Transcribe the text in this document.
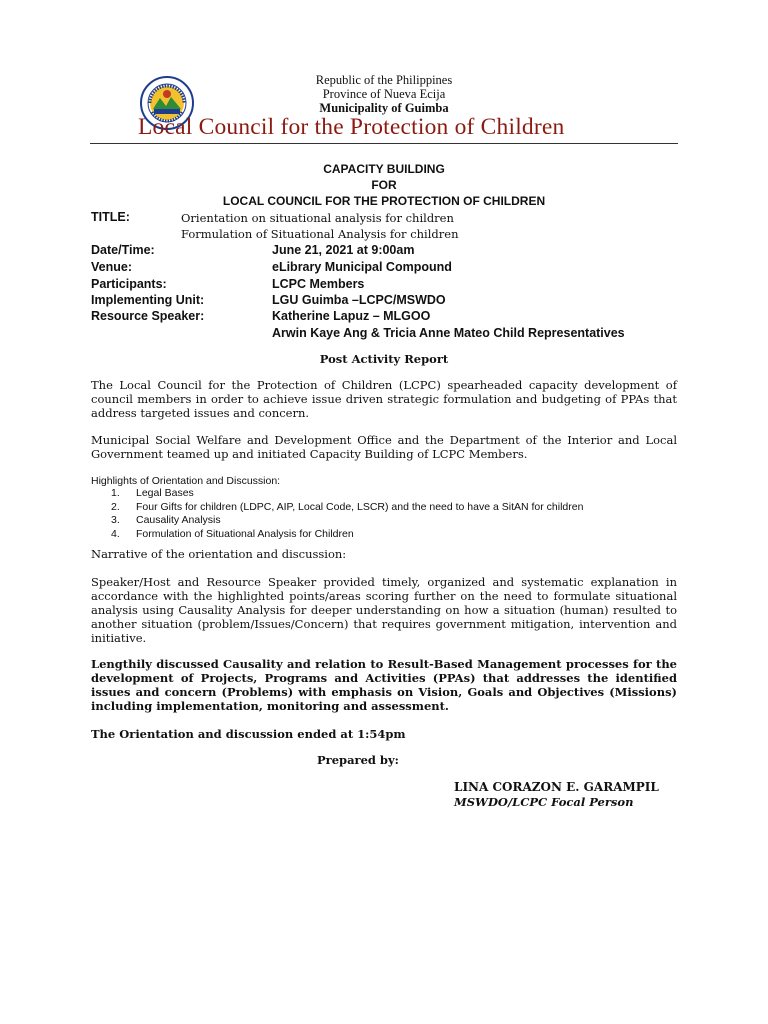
Republic of the Philippines
Province of Nueva Ecija
Municipality of Guimba
Local Council for the Protection of Children
CAPACITY BUILDING
FOR
LOCAL COUNCIL FOR THE PROTECTION OF CHILDREN
TITLE:	Orientation on situational analysis for children
Formulation of Situational Analysis for children
Date/Time:	June 21, 2021 at 9:00am
Venue:	eLibrary Municipal Compound
Participants:	LCPC Members
Implementing Unit:	LGU Guimba –LCPC/MSWDO
Resource Speaker:	Katherine Lapuz – MLGOO
Arwin Kaye Ang & Tricia Anne Mateo Child Representatives
Post Activity Report
The Local Council for the Protection of Children (LCPC) spearheaded capacity development of council members in order to achieve issue driven strategic formulation and budgeting of PPAs that address targeted issues and concern.
Municipal Social Welfare and Development Office and the Department of the Interior and Local Government teamed up and initiated Capacity Building of LCPC Members.
Highlights of Orientation and Discussion:
1. Legal Bases
2. Four Gifts for children (LDPC, AIP, Local Code, LSCR) and the need to have a SitAN for children
3. Causality Analysis
4. Formulation of Situational Analysis for Children
Narrative of the orientation and discussion:
Speaker/Host and Resource Speaker provided timely, organized and systematic explanation in accordance with the highlighted points/areas scoring further on the need to formulate situational analysis using Causality Analysis for deeper understanding on how a situation (human) resulted to another situation (problem/Issues/Concern) that requires government mitigation, intervention and initiative.
Lengthily discussed Causality and relation to Result-Based Management processes for the development of Projects, Programs and Activities (PPAs) that addresses the identified issues and concern (Problems) with emphasis on Vision, Goals and Objectives (Missions) including implementation, monitoring and assessment.
The Orientation and discussion ended at 1:54pm
Prepared by:
LINA CORAZON E. GARAMPIL
MSWDO/LCPC Focal Person
